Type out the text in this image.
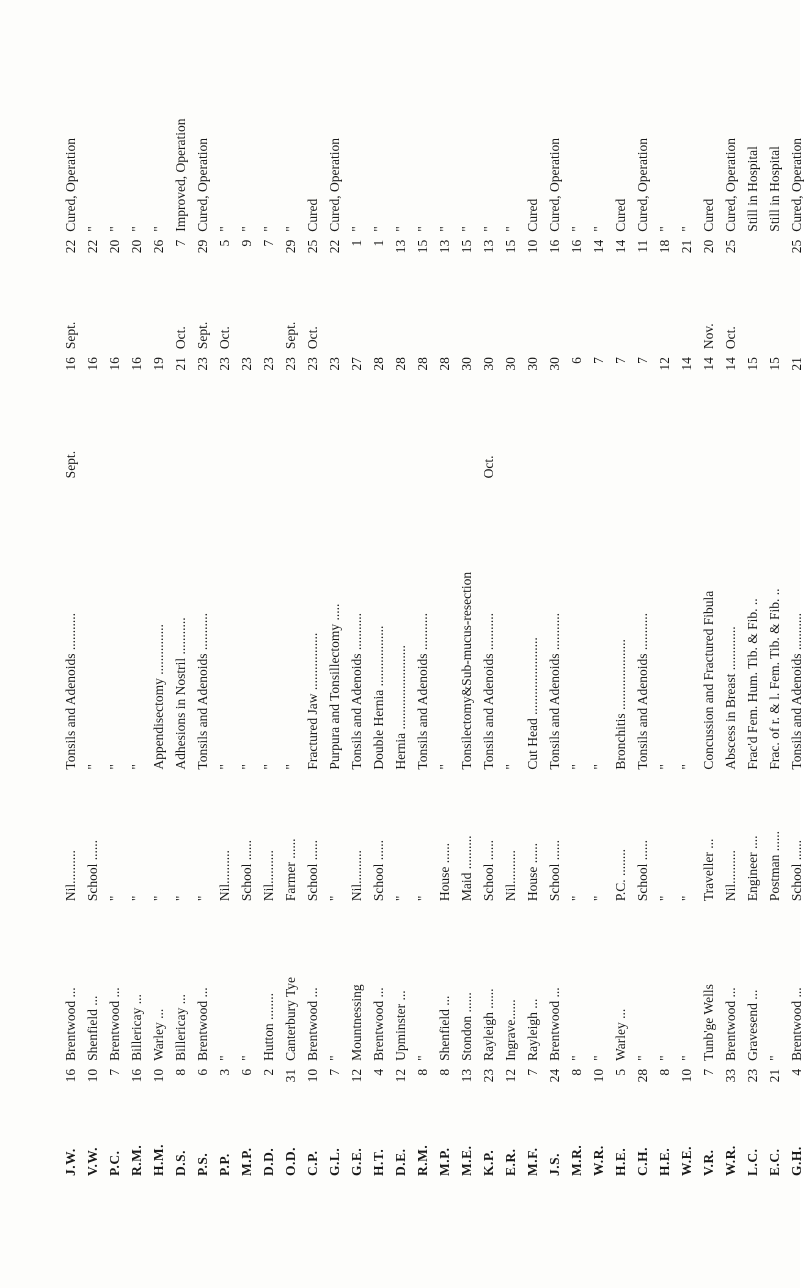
J.W.	16	Brentwood ...	Nil..........	Tonsils and Adenoids ...........	Sept.	16	Sept.	22	Cured, Operation
V.W.	10	Shenfield ...	School ......	"		16		22	"
P.C.	7	Brentwood ...	"	"		16		20	"
R.M.	16	Billericay ...	"	"		16		20	"
H.M.	10	Warley ...	"	Appendisectomy ...............		19		26	"
D.S.	8	Billericay ...	"	Adhesions in Nostril ...........		21	Oct.	7	Improved, Operation
P.S.	6	Brentwood ...	"	Tonsils and Adenoids ...........		23	Sept.	29	Cured, Operation
P.P.	3	"	Nil..........	"		23	Oct.	5	"
M.P.	6	"	School ......	"		23		9	"
D.D.	2	Hutton ........	Nil..........	"		23		7	"
O.D.	31	Canterbury Tye	Farmer ......	"		23	Sept.	29	"
C.P.	10	Brentwood ...	School ......	Fractured Jaw .................		23	Oct.	25	Cured
G.L.	7	"	"	Purpura and Tonsillectomy .....		23		22	Cured, Operation
G.E.	12	Mountnessing	Nil..........	Tonsils and Adenoids ...........		27		1	"
H.T.	4	Brentwood ...	School ......	Double Hernia ..................		28		1	"
D.E.	12	Upminster ...	"	Hernia .........................		28		13	"
R.M.	8	"	"	Tonsils and Adenoids ...........		28		15	"
M.P.	8	Shenfield ...	House ......	"		28		13	"
M.E.	13	Stondon ......	Maid ..........	Tonsilectomy&Sub-mucus-resection		30		15	"
K.P.	23	Rayleigh ......	School ......	Tonsils and Adenoids ...........	Oct.	30		13	"
E.R.	12	Ingrave......	Nil..........	"		30		15	"
M.F.	7	Rayleigh ...	House ......	Cut Head .......................		30		10	Cured
J.S.	24	Brentwood ...	School ......	Tonsils and Adenoids ...........		30		16	Cured, Operation
M.R.	8	"	"	"		6		16	"
W.R.	10	"	"	"		7		14	"
H.E.	5	Warley ...	P.C. ........	Bronchitis .....................		7		14	Cured
C.H.	28	"	School ......	Tonsils and Adenoids ...........		7		11	Cured, Operation
H.E.	8	"	"	"		12		18	"
W.E.	10	"	"	"		14		21	"
V.R.	7	Tunb'ge Wells	Traveller ...	Concussion and Fractured Fibula		14	Nov.	20	Cured
W.R.	33	Brentwood ...	Nil..........	Abscess in Breast .............		14	Oct.	25	Cured, Operation
L.C.	23	Gravesend ...	Engineer ....	Frac'd Fem. Hum. Tib. & Fib. ..		15			Still in Hospital
E.C.	21	"	Postman ......	Frac. of r. & l. Fem. Tib. & Fib. ..		15			Still in Hospital
G.H.	4	Brentwood ...	School ......	Tonsils and Adenoids ...........		21		25	Cured, Operation
